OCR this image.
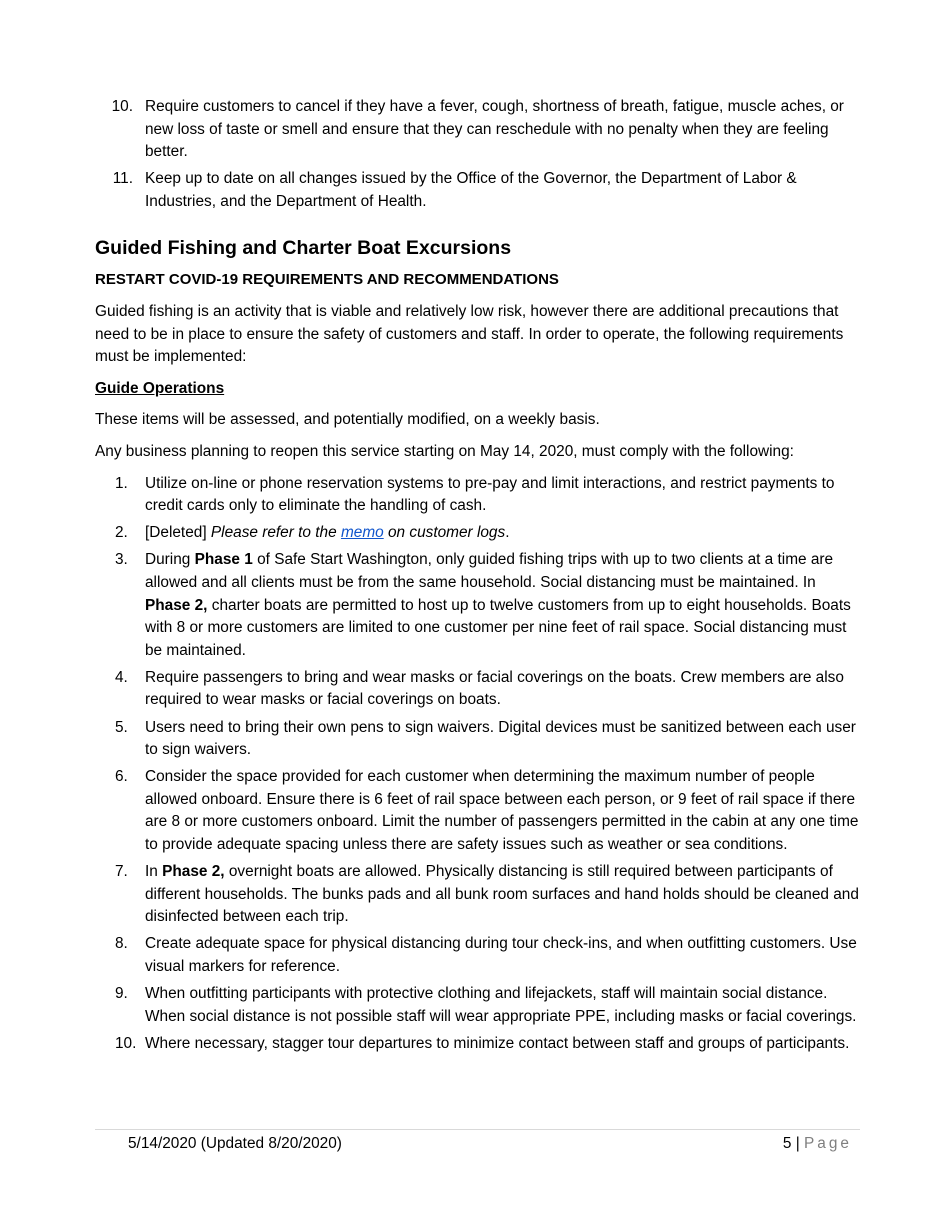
10. Require customers to cancel if they have a fever, cough, shortness of breath, fatigue, muscle aches, or new loss of taste or smell and ensure that they can reschedule with no penalty when they are feeling better.
11. Keep up to date on all changes issued by the Office of the Governor, the Department of Labor & Industries, and the Department of Health.
Guided Fishing and Charter Boat Excursions
RESTART COVID-19 REQUIREMENTS AND RECOMMENDATIONS

Guided fishing is an activity that is viable and relatively low risk, however there are additional precautions that need to be in place to ensure the safety of customers and staff. In order to operate, the following requirements must be implemented:

Guide Operations

These items will be assessed, and potentially modified, on a weekly basis.

Any business planning to reopen this service starting on May 14, 2020, must comply with the following:

1.	Utilize on-line or phone reservation systems to pre-pay and limit interactions, and restrict payments to credit cards only to eliminate the handling of cash.
2.	[Deleted] Please refer to the memo on customer logs.
3.	During Phase 1 of Safe Start Washington, only guided fishing trips with up to two clients at a time are allowed and all clients must be from the same household. Social distancing must be maintained. In Phase 2, charter boats are permitted to host up to twelve customers from up to eight households. Boats with 8 or more customers are limited to one customer per nine feet of rail space. Social distancing must be maintained.
4.	Require passengers to bring and wear masks or facial coverings on the boats. Crew members are also required to wear masks or facial coverings on boats.
5.	Users need to bring their own pens to sign waivers. Digital devices must be sanitized between each user to sign waivers.
6.	Consider the space provided for each customer when determining the maximum number of people allowed onboard. Ensure there is 6 feet of rail space between each person, or 9 feet of rail space if there are 8 or more customers onboard. Limit the number of passengers permitted in the cabin at any one time to provide adequate spacing unless there are safety issues such as weather or sea conditions.
7.	In Phase 2, overnight boats are allowed. Physically distancing is still required between participants of different households. The bunks pads and all bunk room surfaces and hand holds should be cleaned and disinfected between each trip.
8.	Create adequate space for physical distancing during tour check-ins, and when outfitting customers. Use visual markers for reference.
9.	When outfitting participants with protective clothing and lifejackets, staff will maintain social distance. When social distance is not possible staff will wear appropriate PPE, including masks or facial coverings.
10. Where necessary, stagger tour departures to minimize contact between staff and groups of participants.
5/14/2020 (Updated 8/20/2020)	5 | Page
